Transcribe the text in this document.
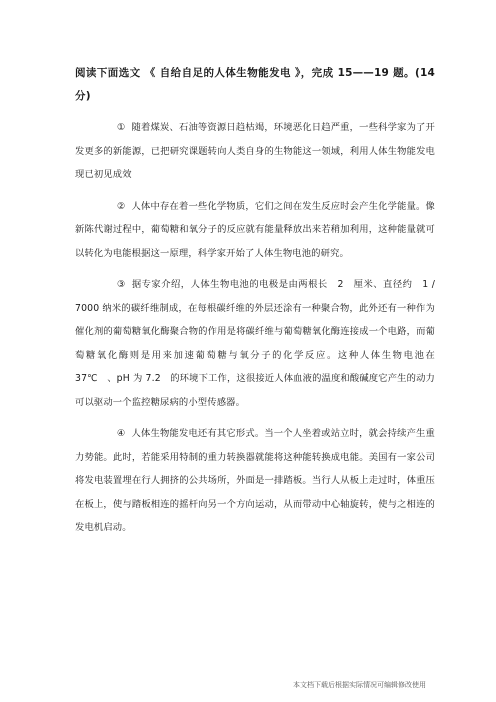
阅读下面选文 《 自给自足的人体生物能发电 》，完成 15——19 题。(14 分)

① 随着煤炭、石油等资源日趋枯竭，环境恶化日趋严重，一些科学家为了开发更多的新能源，已把研究课题转向人类自身的生物能这一领域，利用人体生物能发电现已初见成效

② 人体中存在着一些化学物质，它们之间在发生反应时会产生化学能量。像新陈代谢过程中，葡萄糖和氧分子的反应就有能量释放出来若稍加利用，这种能量就可以转化为电能根据这一原理，科学家开始了人体生物电池的研究。

③ 据专家介绍，人体生物电池的电极是由两根长　2　厘米、直径约　1 / 7000 纳米的碳纤维制成，在每根碳纤维的外层还涂有一种聚合物，此外还有一种作为催化剂的葡萄糖氧化酶聚合物的作用是将碳纤维与葡萄糖氧化酶连接成一个电路，而葡萄糖氧化酶则是用来加速葡萄糖与氧分子的化学反应。这种人体生物电池在　37℃　、pH 为 7.2　的环境下工作，这很接近人体血液的温度和酸碱度它产生的动力可以驱动一个监控糖尿病的小型传感器。

④ 人体生物能发电还有其它形式。当一个人坐着或站立时，就会持续产生重力势能。此时，若能采用特制的重力转换器就能将这种能转换成电能。美国有一家公司将发电装置埋在行人拥挤的公共场所，外面是一排踏板。当行人从板上走过时，体重压在板上，使与踏板相连的摇杆向另一个方向运动，从而带动中心轴旋转，使与之相连的发电机启动。

本文档下载后根据实际情况可编辑修改使用
